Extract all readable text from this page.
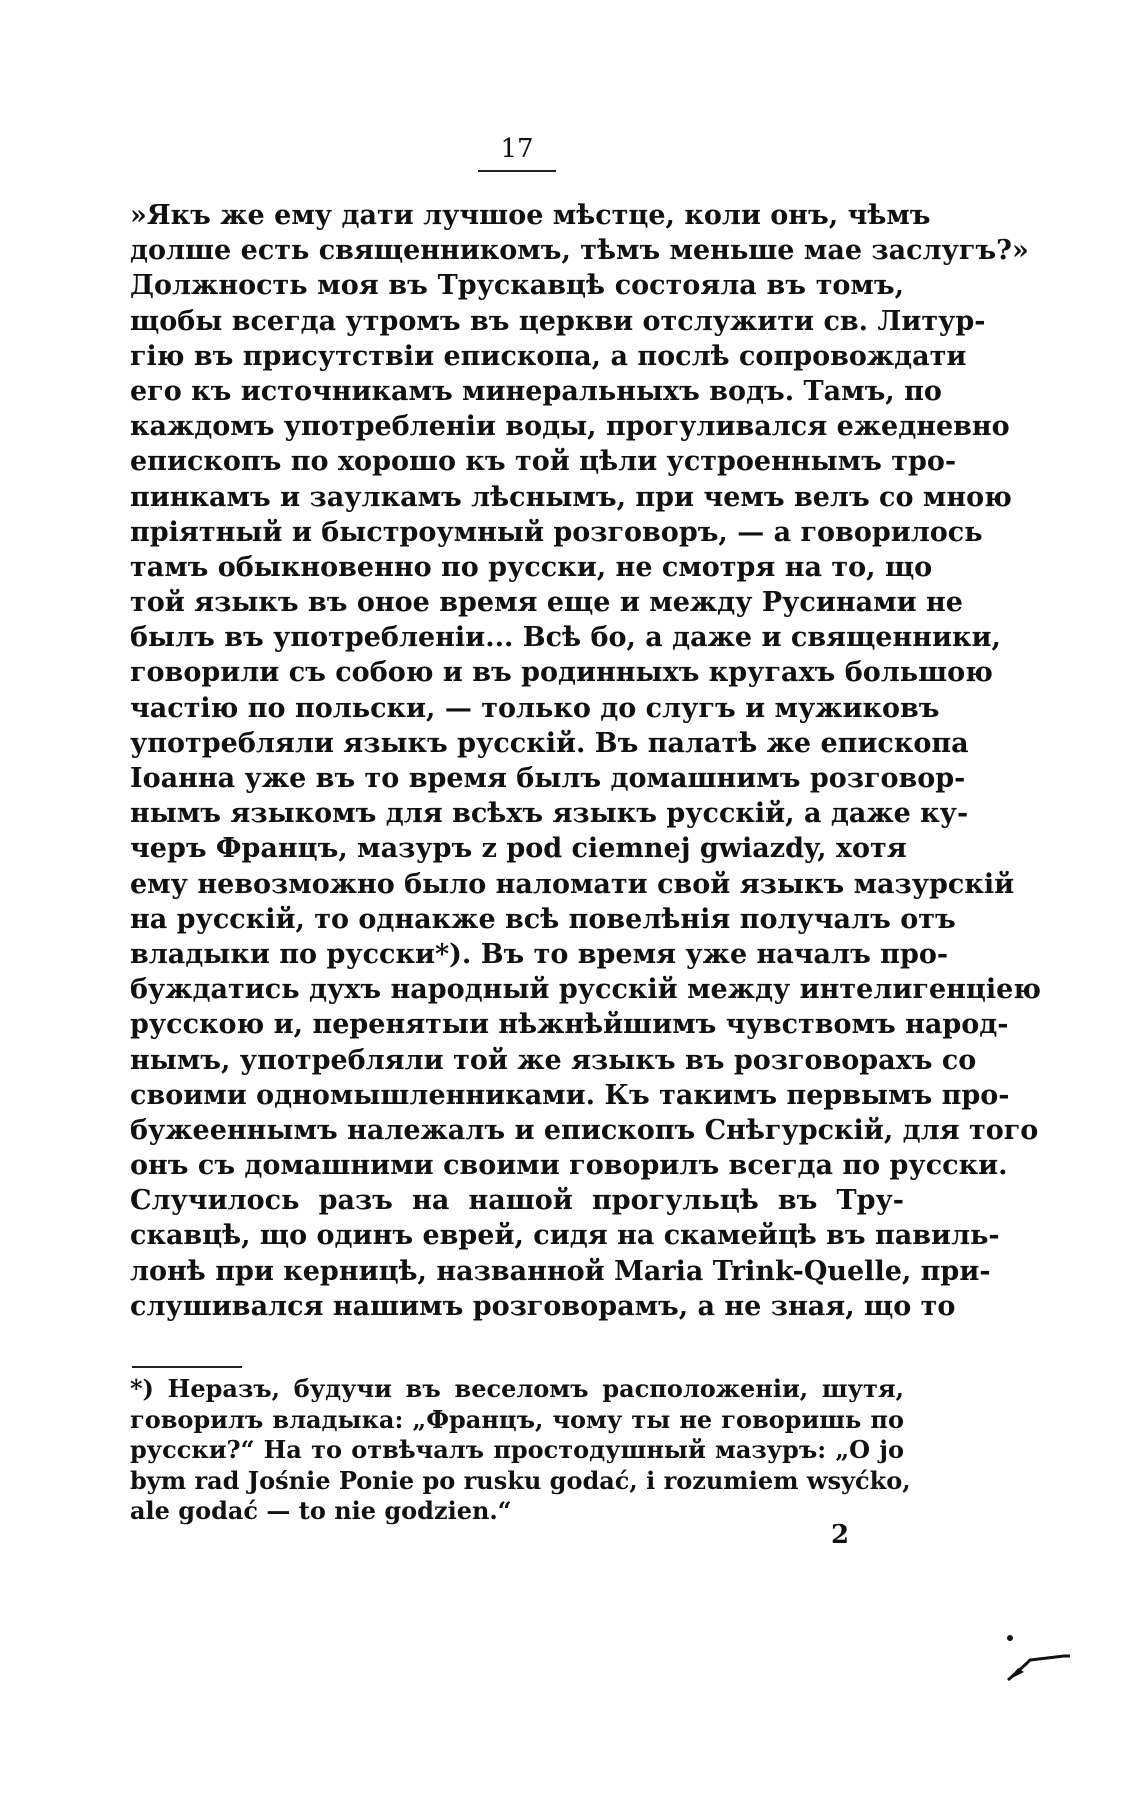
17
»Якъ же ему дати лучшое мѣстце, коли онъ, чѣмъ
долше есть священникомъ, тѣмъ меньше мае заслугъ?»
Должность моя въ Трускавцѣ состояла въ томъ,
щобы всегда утромъ въ церкви отслужити св. Литур-
гію въ присутствіи епископа, а послѣ сопровождати
его къ источникамъ минеральныхъ водъ. Тамъ, по
каждомъ употребленіи воды, прогуливался ежедневно
епископъ по хорошо къ той цѣли устроеннымъ тро-
пинкамъ и заулкамъ лѣснымъ, при чемъ велъ со мною
пріятный и быстроумный розговоръ, — а говорилось
тамъ обыкновенно по русски, не смотря на то, що
той языкъ въ оное время еще и между Русинами не
былъ въ употребленіи... Всѣ бо, а даже и священники,
говорили съ собою и въ родинныхъ кругахъ большою
частію по польски, — только до слугъ и мужиковъ
употребляли языкъ русскій. Въ палатѣ же епископа
Іоанна уже въ то время былъ домашнимъ розговор-
нымъ языкомъ для всѣхъ языкъ русскій, а даже ку-
черъ Францъ, мазуръ z pod ciemnej gwiazdy, хотя
ему невозможно было наломати свой языкъ мазурскій
на русскій, то однакже всѣ повелѣнія получалъ отъ
владыки по русски*). Въ то время уже началъ про-
буждатись духъ народный русскій между интелигенціею
русскою и, перенятыи нѣжнѣйшимъ чувствомъ народ-
нымъ, употребляли той же языкъ въ розговорахъ со
своими одномышленниками. Къ такимъ первымъ про-
бужееннымъ належалъ и епископъ Снѣгурскій, для того
онъ съ домашними своими говорилъ всегда по русски.
Случилось разъ на нашой прогульцѣ въ Тру-
скавцѣ, що одинъ еврей, сидя на скамейцѣ въ павиль-
лонѣ при керницѣ, названной Maria Trink-Quelle, при-
слушивался нашимъ розговорамъ, а не зная, що то
*) Неразъ, будучи въ веселомъ расположеніи, шутя,
говорилъ владыка: „Францъ, чому ты не говоришь по
русски?“ На то отвѣчалъ простодушный мазуръ: „O jo
bym rad Jośnie Ponie po rusku godać, i rozumiem wsyćko,
ale godać — to nie godzien.“
2
